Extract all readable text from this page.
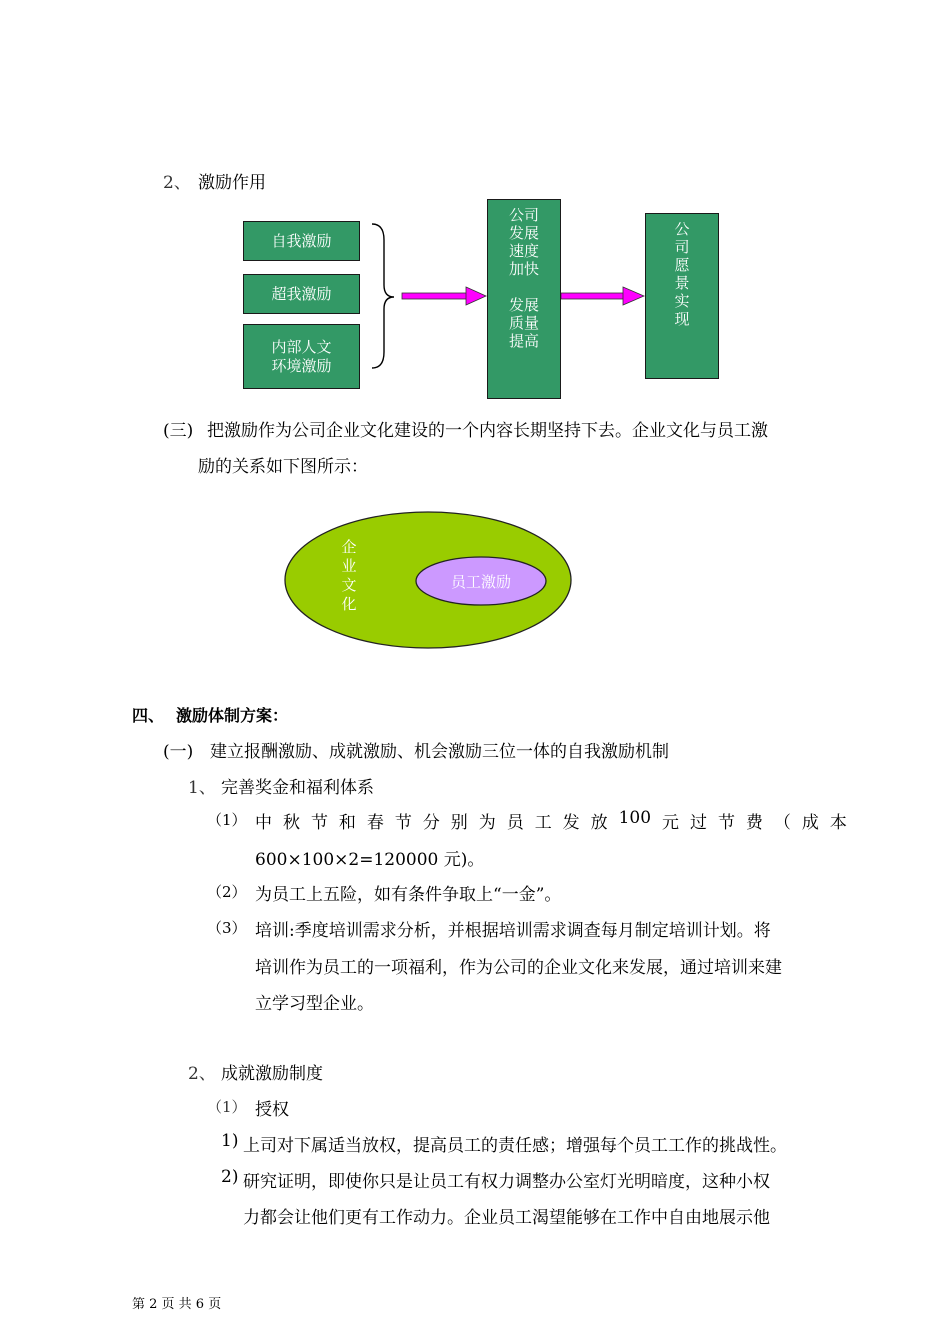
2、 激励作用
自我激励
超我激励
内部人文
环境激励
公司
发展
速度
加快
发展
质量
提高
公
司
愿
景
实
现
(三) 把激励作为公司企业文化建设的一个内容长期坚持下去。企业文化与员工激
励的关系如下图所示：
企
业
文
化
员工激励
四、 激励体制方案：
(一) 建立报酬激励、成就激励、机会激励三位一体的自我激励机制
1、 完善奖金和福利体系
（1） 中 秋 节 和 春 节 分 别 为 员 工 发 放 100 元 过 节 费 （ 成 本
600×100×2=120000 元)。
（2） 为员工上五险，如有条件争取上“一金”。
（3） 培训:季度培训需求分析，并根据培训需求调查每月制定培训计划。将
培训作为员工的一项福利，作为公司的企业文化来发展，通过培训来建
立学习型企业。
2、 成就激励制度
（1） 授权
1) 上司对下属适当放权，提高员工的责任感；增强每个员工工作的挑战性。
2) 研究证明，即使你只是让员工有权力调整办公室灯光明暗度，这种小权
力都会让他们更有工作动力。企业员工渴望能够在工作中自由地展示他
第 2 页 共 6 页
